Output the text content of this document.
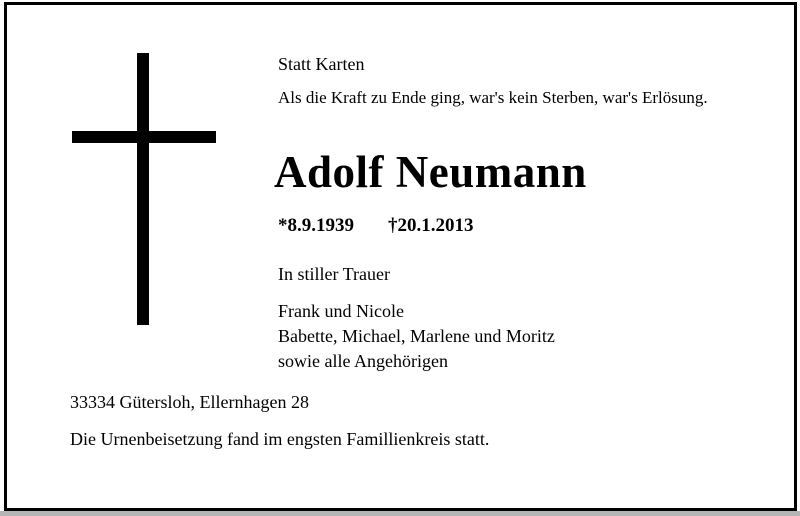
Statt Karten

Als die Kraft zu Ende ging, war's kein Sterben, war's Erlösung.

Adolf Neumann

*8.9.1939 †20.1.2013

In stiller Trauer

Frank und Nicole

Babette, Michael, Marlene und Moritz

sowie alle Angehörigen

33334 Gütersloh, Ellernhagen 28

Die Urnenbeisetzung fand im engsten Famillienkreis statt.
